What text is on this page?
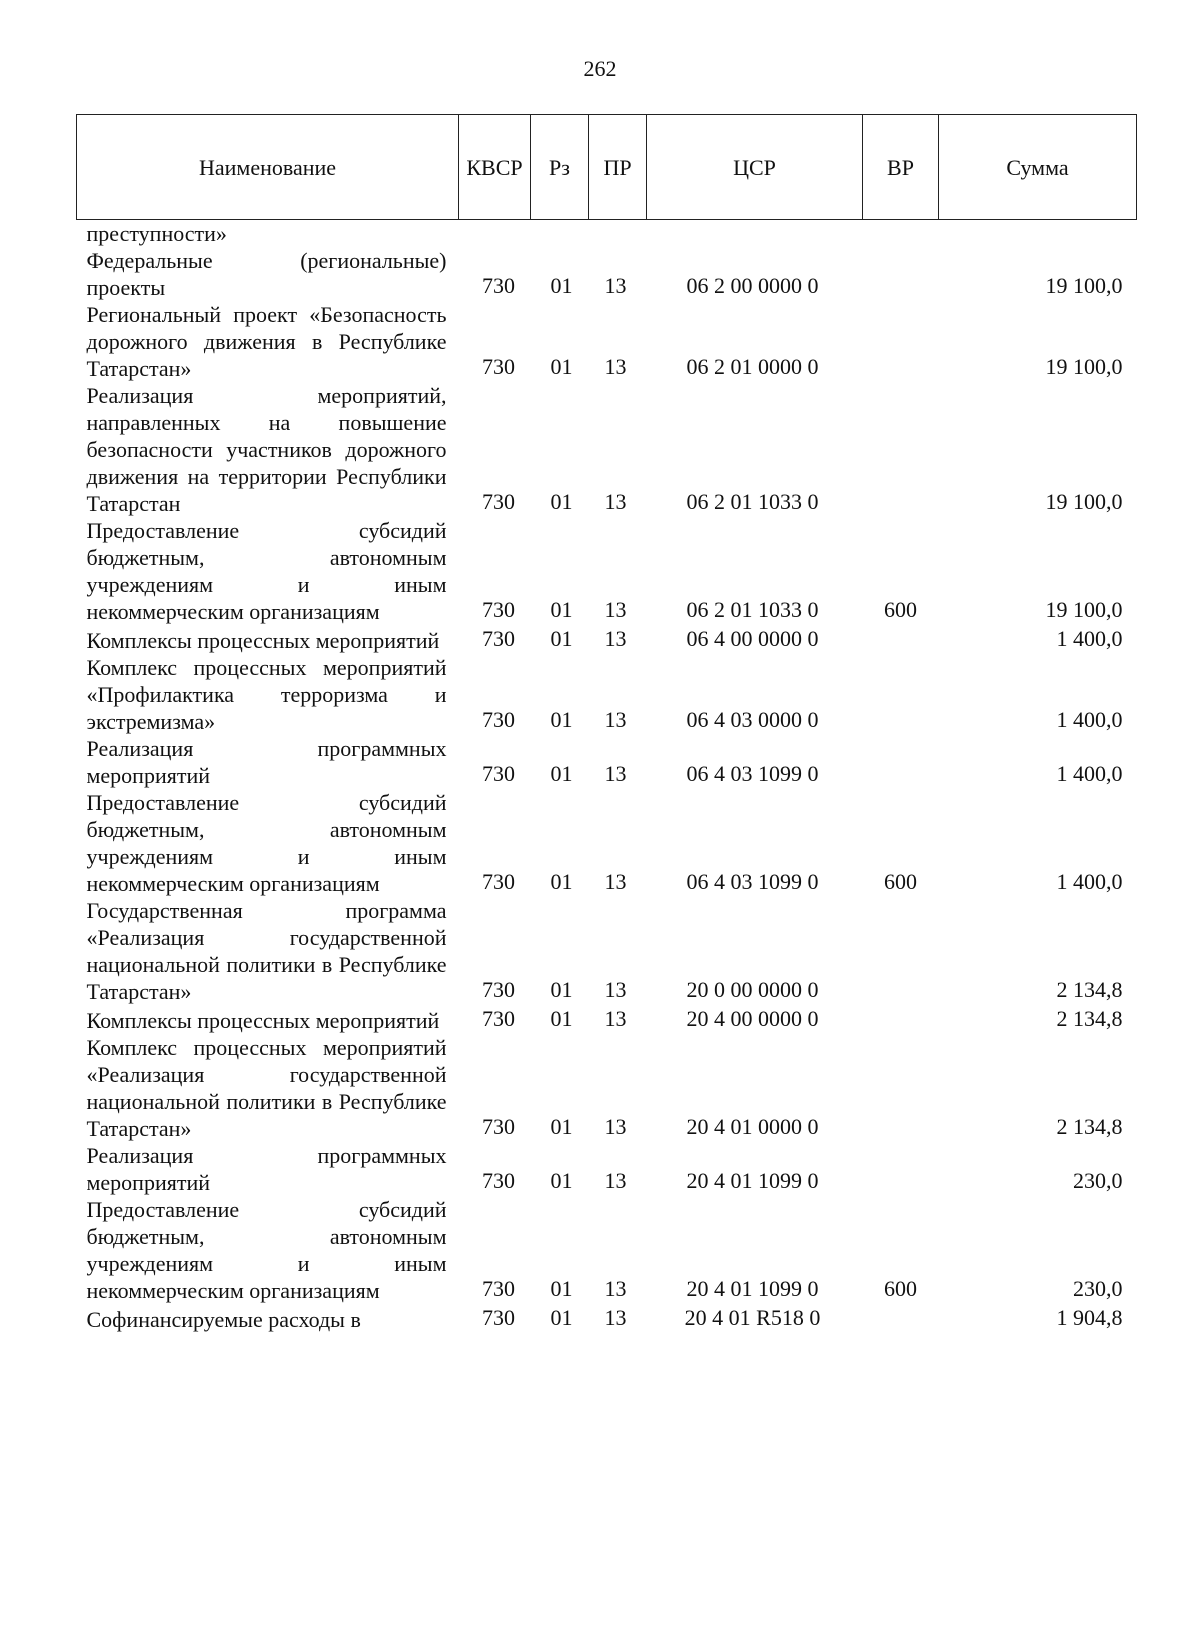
262
Наименование	КВСР	Рз	ПР	ЦСР	ВР	Сумма
преступности»						
Федеральные (региональные) проекты	730	01	13	06 2 00 0000 0		19 100,0
Региональный проект «Безопасность дорожного движения в Республике Татарстан»	730	01	13	06 2 01 0000 0		19 100,0
Реализация мероприятий, направленных на повышение безопасности участников дорожного движения на территории Республики Татарстан	730	01	13	06 2 01 1033 0		19 100,0
Предоставление субсидий бюджетным, автономным учреждениям и иным некоммерческим организациям	730	01	13	06 2 01 1033 0	600	19 100,0
Комплексы процессных мероприятий	730	01	13	06 4 00 0000 0		1 400,0
Комплекс процессных мероприятий «Профилактика терроризма и экстремизма»	730	01	13	06 4 03 0000 0		1 400,0
Реализация программных мероприятий	730	01	13	06 4 03 1099 0		1 400,0
Предоставление субсидий бюджетным, автономным учреждениям и иным некоммерческим организациям	730	01	13	06 4 03 1099 0	600	1 400,0
Государственная программа «Реализация государственной национальной политики в Республике Татарстан»	730	01	13	20 0 00 0000 0		2 134,8
Комплексы процессных мероприятий	730	01	13	20 4 00 0000 0		2 134,8
Комплекс процессных мероприятий «Реализация государственной национальной политики в Республике Татарстан»	730	01	13	20 4 01 0000 0		2 134,8
Реализация программных мероприятий	730	01	13	20 4 01 1099 0		230,0
Предоставление субсидий бюджетным, автономным учреждениям и иным некоммерческим организациям	730	01	13	20 4 01 1099 0	600	230,0
Софинансируемые расходы в	730	01	13	20 4 01 R518 0		1 904,8
